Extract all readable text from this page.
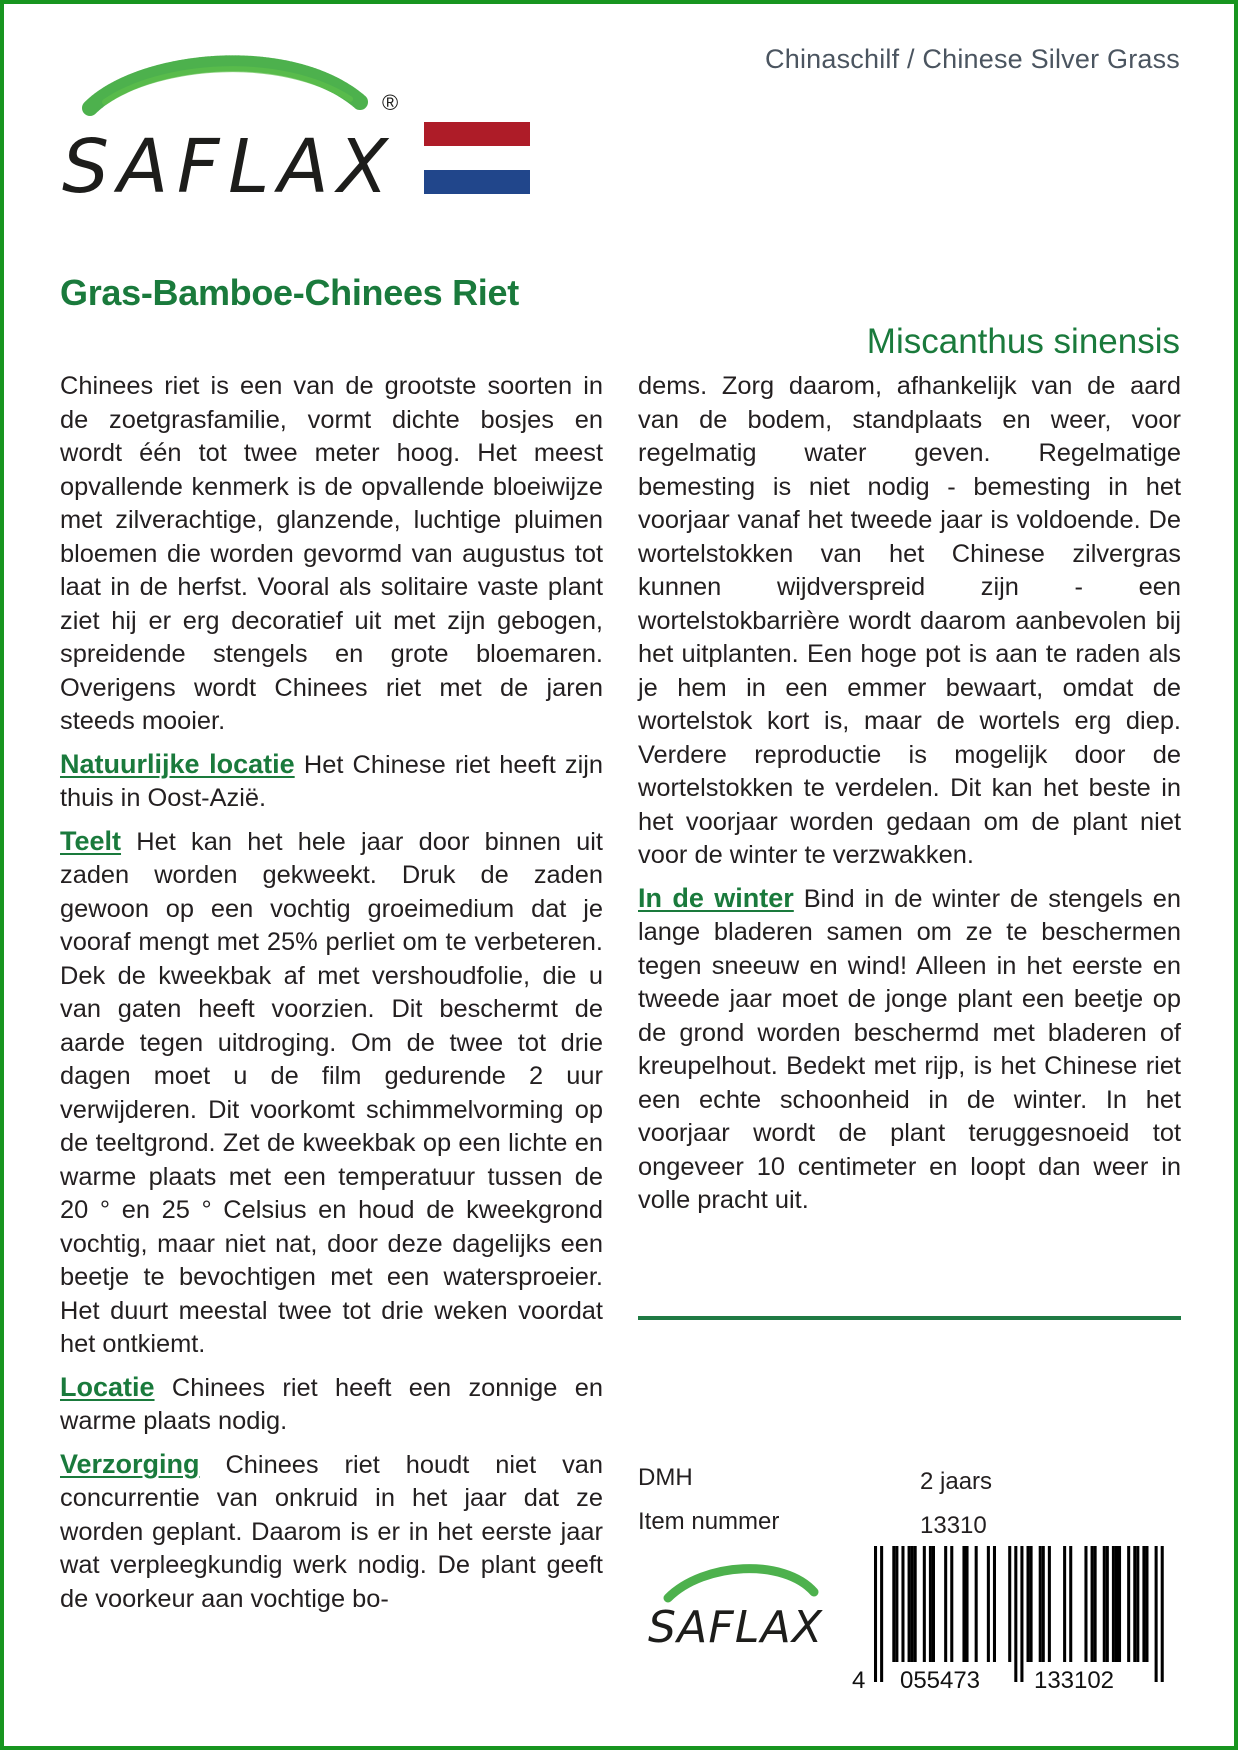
SAFLAX
®
Chinaschilf / Chinese Silver Grass
Gras-Bamboe-Chinees Riet
Miscanthus sinensis

Chinees riet is een van de grootste soorten in de zoetgrasfamilie, vormt dichte bosjes en wordt één tot twee meter hoog. Het meest opvallende kenmerk is de opvallende bloeiwijze met zilverachtige, glanzende, luchtige pluimen bloemen die worden gevormd van augustus tot laat in de herfst. Vooral als solitaire vaste plant ziet hij er erg decoratief uit met zijn gebogen, spreidende stengels en grote bloemaren. Overigens wordt Chinees riet met de jaren steeds mooier.

Natuurlijke locatie Het Chinese riet heeft zijn thuis in Oost-Azië.

Teelt Het kan het hele jaar door binnen uit zaden worden gekweekt. Druk de zaden gewoon op een vochtig groeimedium dat je vooraf mengt met 25% perliet om te verbeteren. Dek de kweekbak af met vershoudfolie, die u van gaten heeft voorzien. Dit beschermt de aarde tegen uitdroging. Om de twee tot drie dagen moet u de film gedurende 2 uur verwijderen. Dit voorkomt schimmelvorming op de teeltgrond. Zet de kweekbak op een lichte en warme plaats met een temperatuur tussen de 20 ° en 25 ° Celsius en houd de kweekgrond vochtig, maar niet nat, door deze dagelijks een beetje te bevochtigen met een watersproeier. Het duurt meestal twee tot drie weken voordat het ontkiemt.

Locatie Chinees riet heeft een zonnige en warme plaats nodig.

Verzorging Chinees riet houdt niet van concurrentie van onkruid in het jaar dat ze worden geplant. Daarom is er in het eerste jaar wat verpleegkundig werk nodig. De plant geeft de voorkeur aan vochtige bo-

dems. Zorg daarom, afhankelijk van de aard van de bodem, standplaats en weer, voor regelmatig water geven. Regelmatige bemesting is niet nodig - bemesting in het voorjaar vanaf het tweede jaar is voldoende. De wortelstokken van het Chinese zilvergras kunnen wijdverspreid zijn - een wortelstokbarrière wordt daarom aanbevolen bij het uitplanten. Een hoge pot is aan te raden als je hem in een emmer bewaart, omdat de wortelstok kort is, maar de wortels erg diep. Verdere reproductie is mogelijk door de wortelstokken te verdelen. Dit kan het beste in het voorjaar worden gedaan om de plant niet voor de winter te verzwakken.

In de winter Bind in de winter de stengels en lange bladeren samen om ze te beschermen tegen sneeuw en wind! Alleen in het eerste en tweede jaar moet de jonge plant een beetje op de grond worden beschermd met bladeren of kreupelhout. Bedekt met rijp, is het Chinese riet een echte schoonheid in de winter. In het voorjaar wordt de plant teruggesnoeid tot ongeveer 10 centimeter en loopt dan weer in volle pracht uit.

DMH	2 jaars
Item nummer	13310
SAFLAX
4 055473 133102
